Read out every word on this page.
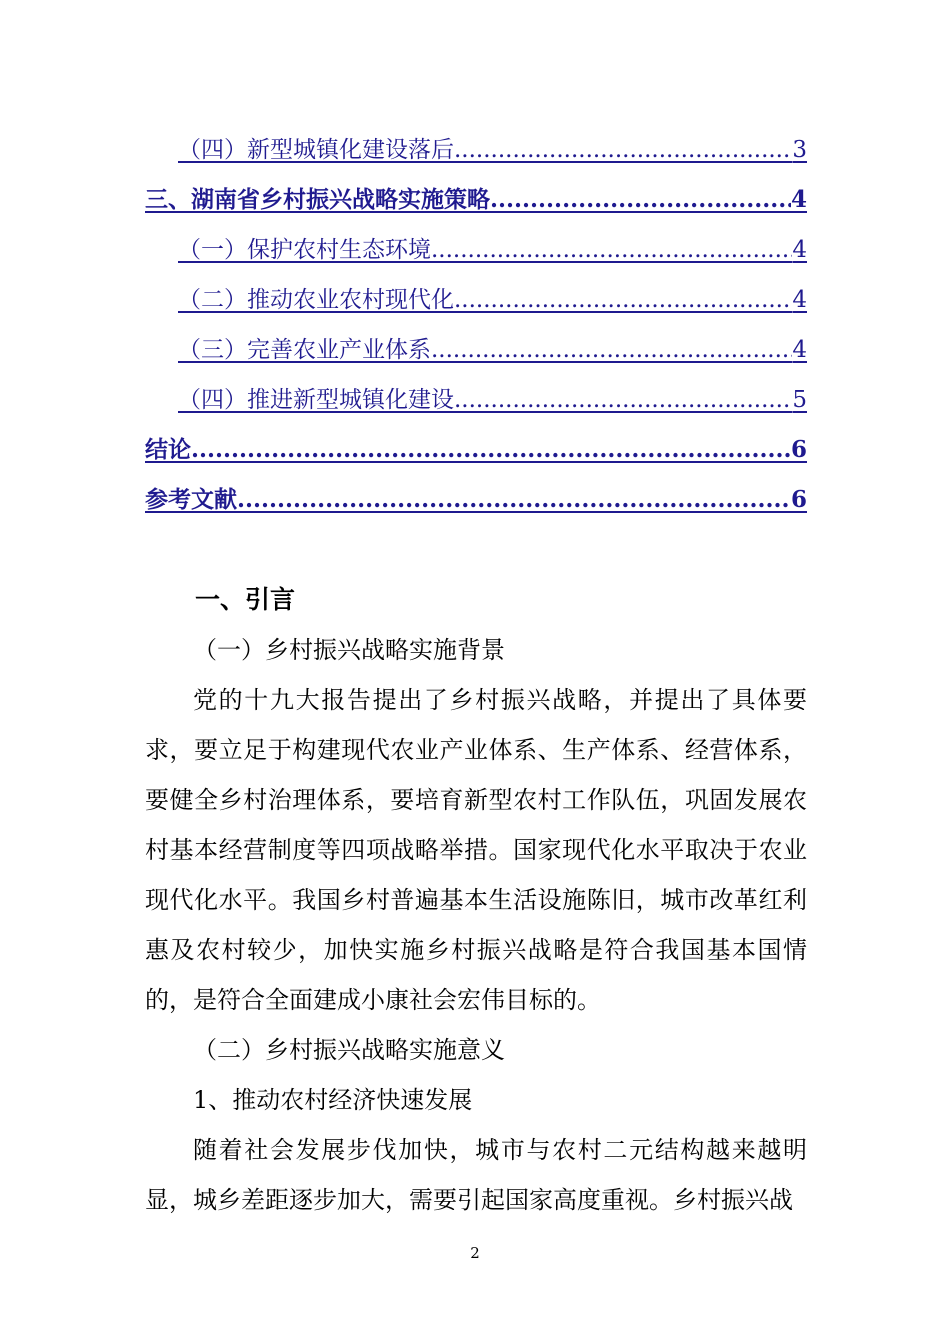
（四）新型城镇化建设落后 .....	3
三、湖南省乡村振兴战略实施策略 .....	4
（一）保护农村生态环境 .....	4
（二）推动农业农村现代化 .....	4
（三）完善农业产业体系 .....	4
（四）推进新型城镇化建设 .....	5
结论 .....	6
参考文献 .....	6
一、引言
（一）乡村振兴战略实施背景

党的十九大报告提出了乡村振兴战略，并提出了具体要求，要立足于构建现代农业产业体系、生产体系、经营体系，要健全乡村治理体系，要培育新型农村工作队伍，巩固发展农村基本经营制度等四项战略举措。国家现代化水平取决于农业现代化水平。我国乡村普遍基本生活设施陈旧，城市改革红利惠及农村较少，加快实施乡村振兴战略是符合我国基本国情的，是符合全面建成小康社会宏伟目标的。

（二）乡村振兴战略实施意义
1、推动农村经济快速发展

随着社会发展步伐加快，城市与农村二元结构越来越明显，城乡差距逐步加大，需要引起国家高度重视。乡村振兴战

2
